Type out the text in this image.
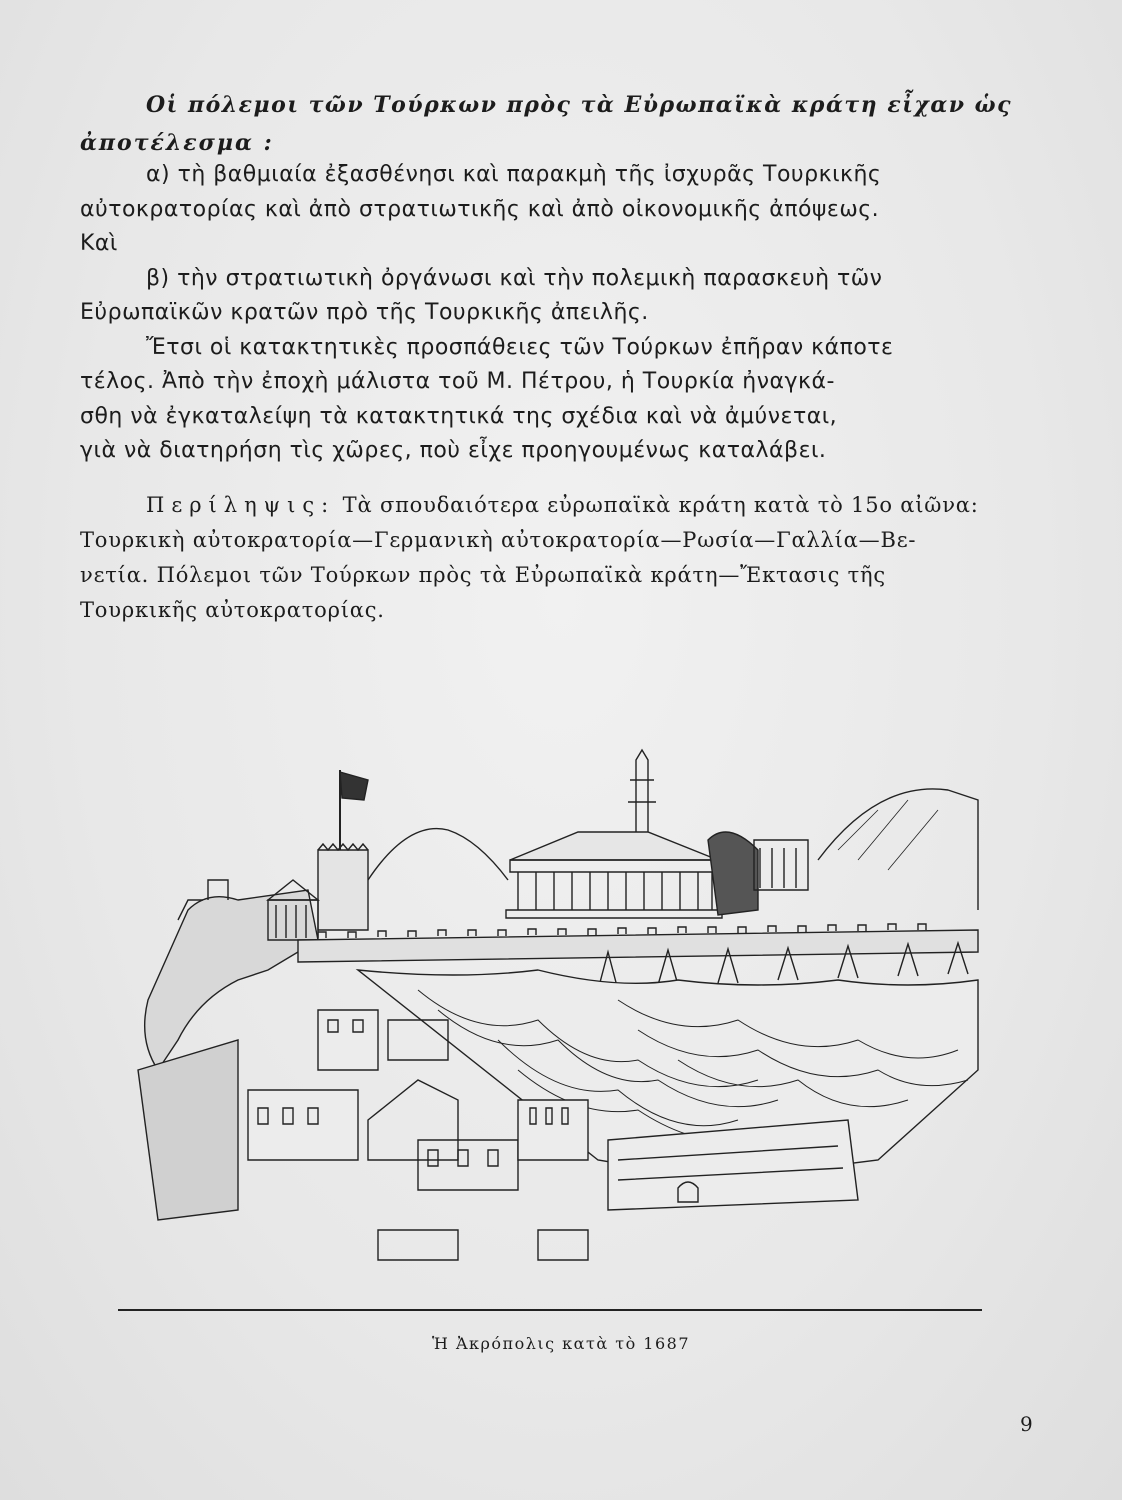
Οἱ πόλεμοι τῶν Τούρκων πρὸς τὰ Εὐρωπαϊκὰ κράτη εἶχαν ὡς
ἀποτέλεσμα :
α) τὴ βαθμιαία ἐξασθένησι καὶ παρακμὴ τῆς ἰσχυρᾶς Τουρκικῆς
αὐτοκρατορίας καὶ ἀπὸ στρατιωτικῆς καὶ ἀπὸ οἰκονομικῆς ἀπόψεως.
Καὶ
β) τὴν στρατιωτικὴ ὀργάνωσι καὶ τὴν πολεμικὴ παρασκευὴ τῶν
Εὐρωπαϊκῶν κρατῶν πρὸ τῆς Τουρκικῆς ἀπειλῆς.
Ἔτσι οἱ κατακτητικὲς προσπάθειες τῶν Τούρκων ἐπῆραν κάποτε
τέλος. Ἀπὸ τὴν ἐποχὴ μάλιστα τοῦ Μ. Πέτρου, ἡ Τουρκία ἠναγκά-
σθη νὰ ἐγκαταλείψη τὰ κατακτητικά της σχέδια καὶ νὰ ἀμύνεται,
γιὰ νὰ διατηρήση τὶς χῶρες, ποὺ εἶχε προηγουμένως καταλάβει.
Περίληψις: Τὰ σπουδαιότερα εὐρωπαϊκὰ κράτη κατὰ τὸ 15ο αἰῶνα:
Τουρκικὴ αὐτοκρατορία—Γερμανικὴ αὐτοκρατορία—Ρωσία—Γαλλία—Βε-
νετία. Πόλεμοι τῶν Τούρκων πρὸς τὰ Εὐρωπαϊκὰ κράτη—Ἔκτασις τῆς
Τουρκικῆς αὐτοκρατορίας.
Ἡ Ἀκρόπολις κατὰ τὸ 1687
9
